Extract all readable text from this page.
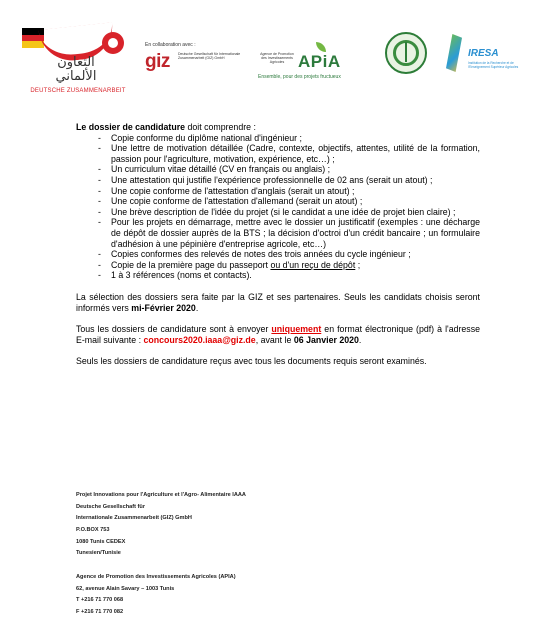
التعاون الألماني
DEUTSCHE ZUSAMMENARBEIT
En collaboration avec :
giz Deutsche Gesellschaft für Internationale Zusammenarbeit (GIZ) GmbH
Agence de Promotion des Investissements Agricoles APiA
Ensemble, pour des projets fructueux
IRESA
Institution de la Recherche et de l'Enseignement Supérieur Agricoles
Le dossier de candidature doit comprendre :
- Copie conforme du diplôme national d'ingénieur ;
- Une lettre de motivation détaillée (Cadre, contexte, objectifs, attentes, utilité de la formation, passion pour l'agriculture, motivation, expérience, etc…) ;
- Un curriculum vitae détaillé (CV en français ou anglais) ;
- Une attestation qui justifie l'expérience professionnelle de 02 ans (serait un atout) ;
- Une copie conforme de l'attestation d'anglais (serait un atout) ;
- Une copie conforme de l'attestation d'allemand (serait un atout) ;
- Une brève description de l'idée du projet (si le candidat a une idée de projet bien claire) ;
- Pour les projets en démarrage, mettre avec le dossier un justificatif (exemples : une décharge de dépôt de dossier auprès de la BTS ; la décision d'octroi d'un crédit bancaire ; un formulaire d'adhésion à une pépinière d'entreprise agricole, etc…)
- Copies conformes des relevés de notes des trois années du cycle ingénieur ;
- Copie de la première page du passeport ou d'un reçu de dépôt ;
- 1 à 3 références (noms et contacts).
La sélection des dossiers sera faite par la GIZ et ses partenaires. Seuls les candidats choisis seront informés vers mi-Février 2020.
Tous les dossiers de candidature sont à envoyer uniquement en format électronique (pdf) à l'adresse E-mail suivante : concours2020.iaaa@giz.de, avant le 06 Janvier 2020.
Seuls les dossiers de candidature reçus avec tous les documents requis seront examinés.
Projet Innovations pour l'Agriculture et l'Agro- Alimentaire IAAA
Deutsche Gesellschaft für
Internationale Zusammenarbeit (GIZ) GmbH
P.O.BOX 753
1080 Tunis CEDEX
Tunesien/Tunisie
Agence de Promotion des Investissements Agricoles (APIA)
62, avenue Alain Savary – 1003 Tunis
T +216 71 770 068
F +216 71 770 082
